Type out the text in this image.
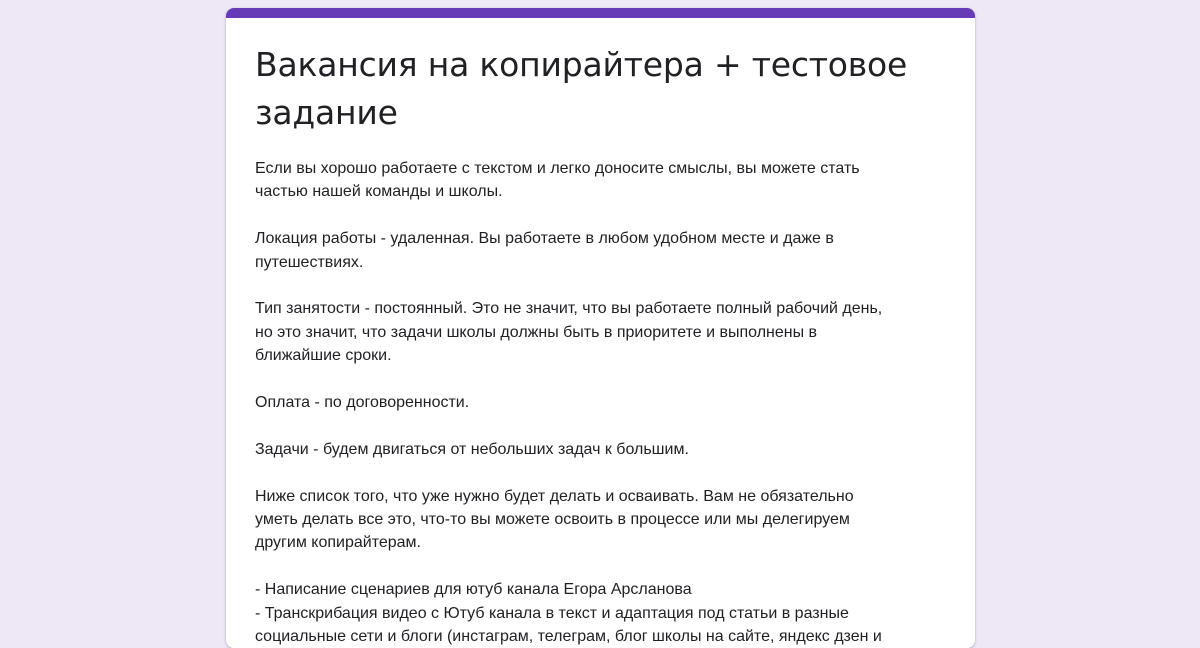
Вакансия на копирайтера + тестовое
задание
Если вы хорошо работаете с текстом и легко доносите смыслы, вы можете стать
частью нашей команды и школы.
Локация работы - удаленная. Вы работаете в любом удобном месте и даже в
путешествиях.
Тип занятости - постоянный. Это не значит, что вы работаете полный рабочий день,
но это значит, что задачи школы должны быть в приоритете и выполнены в
ближайшие сроки.
Оплата - по договоренности.
Задачи - будем двигаться от небольших задач к большим.
Ниже список того, что уже нужно будет делать и осваивать. Вам не обязательно
уметь делать все это, что-то вы можете освоить в процессе или мы делегируем
другим копирайтерам.
- Написание сценариев для ютуб канала Егора Арсланова
- Транскрибация видео с Ютуб канала в текст и адаптация под статьи в разные
социальные сети и блоги (инстаграм, телеграм, блог школы на сайте, яндекс дзен и
